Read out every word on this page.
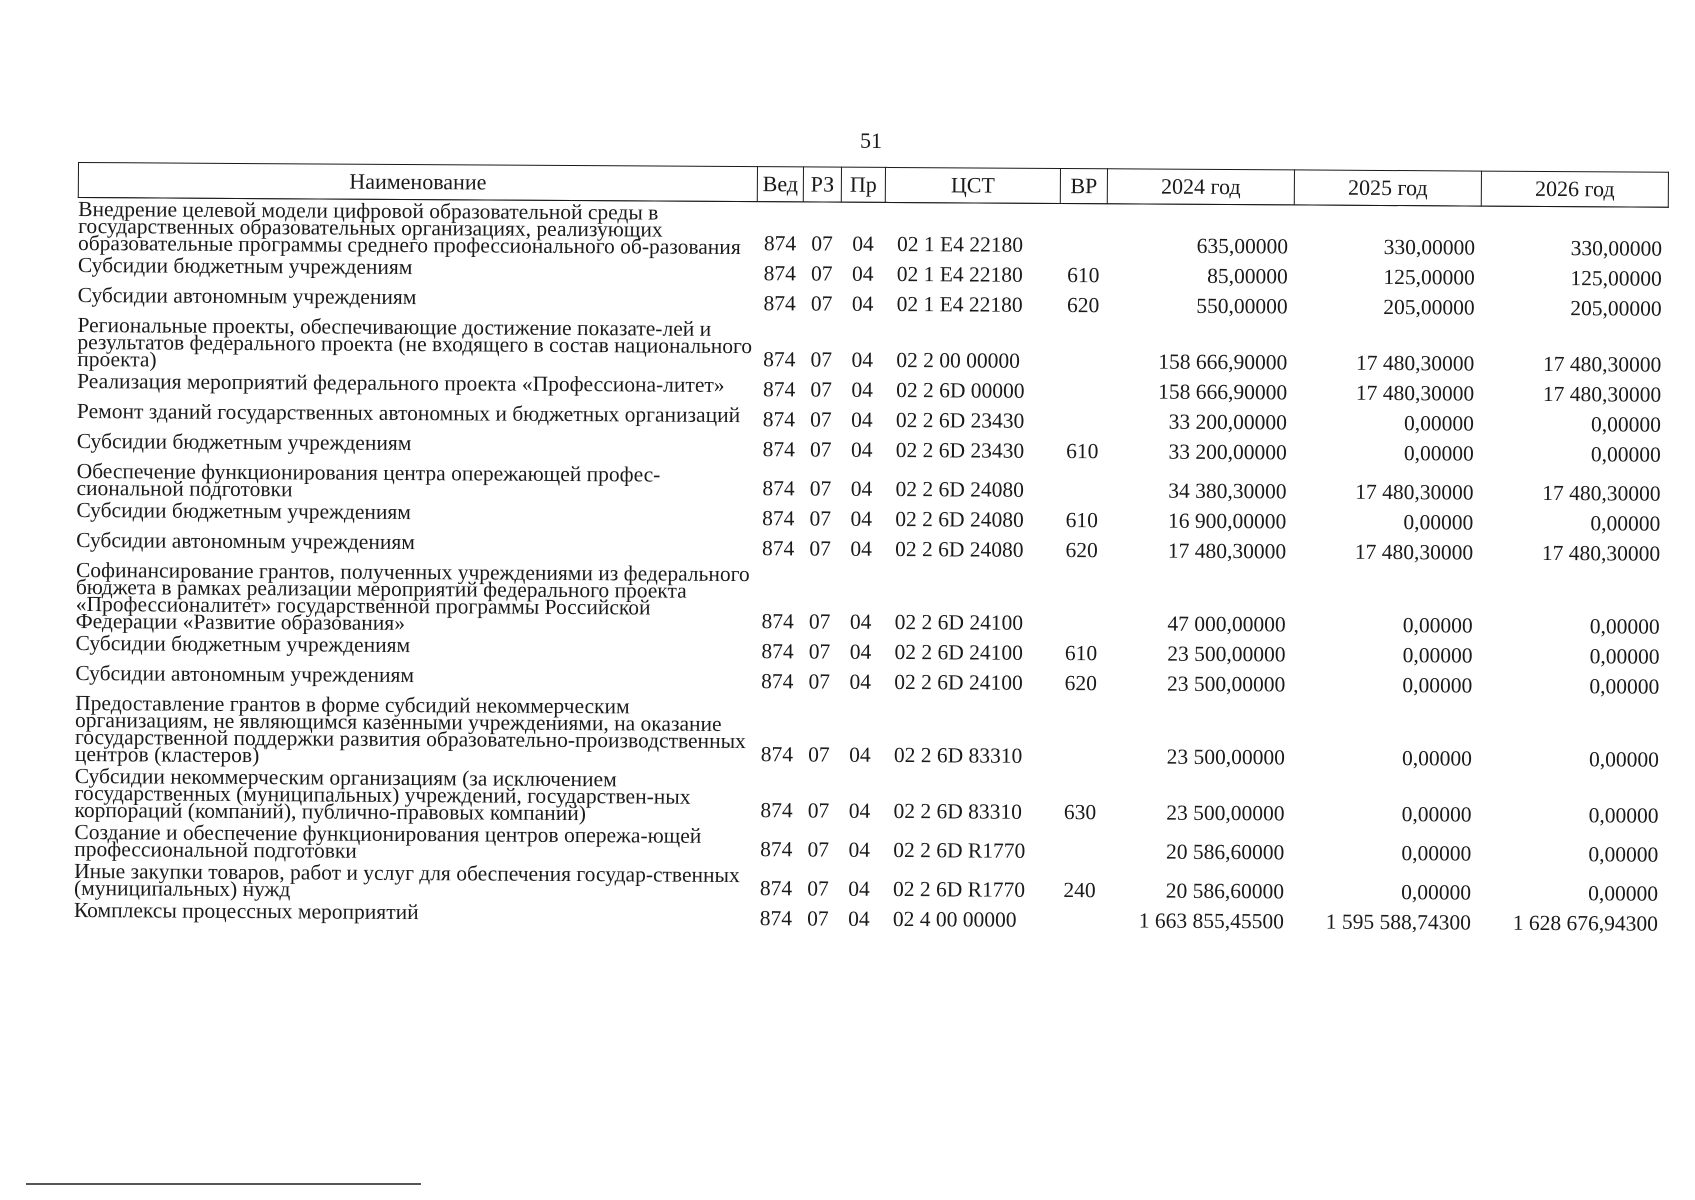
51
Наименование	Вед	РЗ	Пр	ЦСТ	ВР	2024 год	2025 год	2026 год
Внедрение целевой модели цифровой образовательной среды в государственных образовательных организациях, реализующих образовательные программы среднего профессионального об-разования	874	07	04	02 1 E4 22180		635,00000	330,00000	330,00000
Субсидии бюджетным учреждениям	874	07	04	02 1 E4 22180	610	85,00000	125,00000	125,00000
Субсидии автономным учреждениям	874	07	04	02 1 E4 22180	620	550,00000	205,00000	205,00000
Региональные проекты, обеспечивающие достижение показате-лей и результатов федерального проекта (не входящего в состав национального проекта)	874	07	04	02 2 00 00000		158 666,90000	17 480,30000	17 480,30000
Реализация мероприятий федерального проекта «Профессиона-литет»	874	07	04	02 2 6D 00000		158 666,90000	17 480,30000	17 480,30000
Ремонт зданий государственных автономных и бюджетных организаций	874	07	04	02 2 6D 23430		33 200,00000	0,00000	0,00000
Субсидии бюджетным учреждениям	874	07	04	02 2 6D 23430	610	33 200,00000	0,00000	0,00000
Обеспечение функционирования центра опережающей профес-сиональной подготовки	874	07	04	02 2 6D 24080		34 380,30000	17 480,30000	17 480,30000
Субсидии бюджетным учреждениям	874	07	04	02 2 6D 24080	610	16 900,00000	0,00000	0,00000
Субсидии автономным учреждениям	874	07	04	02 2 6D 24080	620	17 480,30000	17 480,30000	17 480,30000
Софинансирование грантов, полученных учреждениями из федерального бюджета в рамках реализации мероприятий федерального проекта «Профессионалитет» государственной программы Российской Федерации «Развитие образования»	874	07	04	02 2 6D 24100		47 000,00000	0,00000	0,00000
Субсидии бюджетным учреждениям	874	07	04	02 2 6D 24100	610	23 500,00000	0,00000	0,00000
Субсидии автономным учреждениям	874	07	04	02 2 6D 24100	620	23 500,00000	0,00000	0,00000
Предоставление грантов в форме субсидий некоммерческим организациям, не являющимся казенными учреждениями, на оказание государственной поддержки развития образовательно-производственных центров (кластеров)	874	07	04	02 2 6D 83310		23 500,00000	0,00000	0,00000
Субсидии некоммерческим организациям (за исключением государственных (муниципальных) учреждений, государствен-ных корпораций (компаний), публично-правовых компаний)	874	07	04	02 2 6D 83310	630	23 500,00000	0,00000	0,00000
Создание и обеспечение функционирования центров опережа-ющей профессиональной подготовки	874	07	04	02 2 6D R1770		20 586,60000	0,00000	0,00000
Иные закупки товаров, работ и услуг для обеспечения государ-ственных (муниципальных) нужд	874	07	04	02 2 6D R1770	240	20 586,60000	0,00000	0,00000
Комплексы процессных мероприятий	874	07	04	02 4 00 00000		1 663 855,45500	1 595 588,74300	1 628 676,94300
